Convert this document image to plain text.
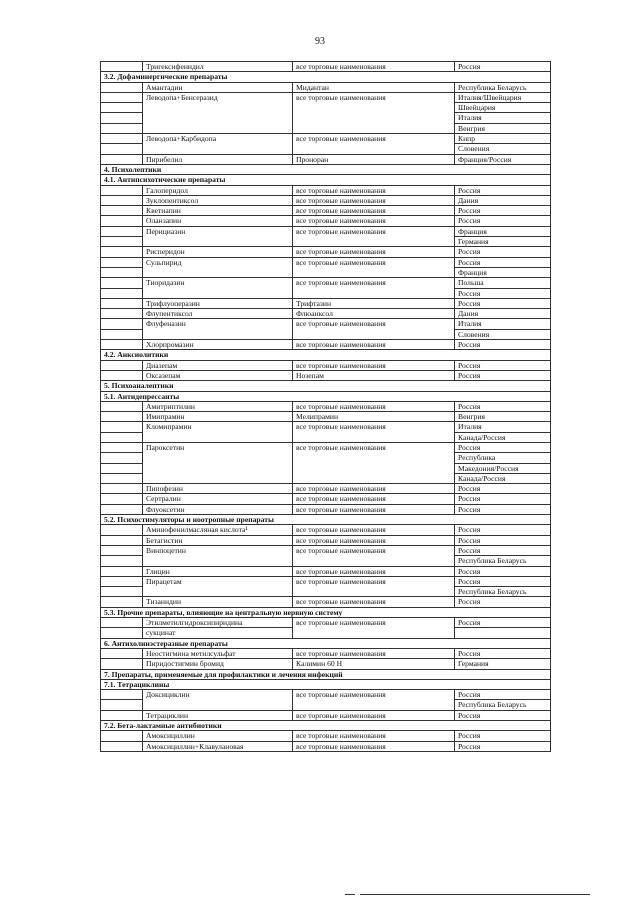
93
	Тригексифенидил	все торговые наименования	Россия
3.2. Дофаминергические препараты			
	Амантадин	Мидантан	Республика Беларусь
	Леводопа+Бенсеразид	все торговые наименования	Италия/Швейцария
			Швейцария
			Италия
			Венгрия
	Леводопа+Карбидопа	все торговые наименования	Кипр
			Словения
	Пирибелил	Проноран	Франция/Россия
4. Психолептики			
4.1. Антипсихотические препараты			
	Галоперидол	все торговые наименования	Россия
	Зуклопентиксол	все торговые наименования	Дания
	Кветиапин	все торговые наименования	Россия
	Оланзапин	все торговые наименования	Россия
	Перициазин	все торговые наименования	Франция
			Германия
	Рисперидон	все торговые наименования	Россия
	Сульпирид	все торговые наименования	Россия
			Франция
	Тиоридазин	все торговые наименования	Польша
			Россия
	Трифлуоперазин	Трифтазин	Россия
	Флупентиксол	Флюанксол	Дания
	Флуфеназин	все торговые наименования	Италия
			Словения
	Хлорпромазин	все торговые наименования	Россия
4.2. Анксиолитики			
	Диазепам	все торговые наименования	Россия
	Оксазепам	Нозепам	Россия
5. Психоаналептики			
5.1. Антидепрессанты			
	Амитриптилин	все торговые наименования	Россия
	Имипрамин	Мелипрамин	Венгрия
	Кломипрамин	все торговые наименования	Италия
			Канада/Россия
	Пароксетин	все торговые наименования	Россия
			Республика
			Македония/Россия
			Канада/Россия
	Пипофезин	все торговые наименования	Россия
	Сертралин	все торговые наименования	Россия
	Флуоксетин	все торговые наименования	Россия
5.2. Психостимуляторы и ноотропные препараты			
	Аминофенилмасляная кислота¹	все торговые наименования	Россия
	Бетагистин	все торговые наименования	Россия
	Винпоцетин	все торговые наименования	Россия
			Республика Беларусь
	Глицин	все торговые наименования	Россия
	Пирацетам	все торговые наименования	Россия
			Республика Беларусь
	Тизанидин	все торговые наименования	Россия
5.3. Прочие препараты, влияющие на центральную нервную систему			
	Этилметилгидроксипиридина	все торговые наименования	Россия
	сукцинат		
6. Антихолинэстеразные препараты			
	Неостигмина метилсульфат	все торговые наименования	Россия
	Пиридостигмин бромид	Калимин 60 Н	Германия
7. Препараты, применяемые для профилактики и лечения инфекций			
7.1. Тетрациклины			
	Доксициклин	все торговые наименования	Россия
			Республика Беларусь
	Тетрациклин	все торговые наименования	Россия
7.2. Бета-лактамные антибиотики			
	Амоксициллин	все торговые наименования	Россия
	Амоксициллин+Клавулановая	все торговые наименования	Россия
